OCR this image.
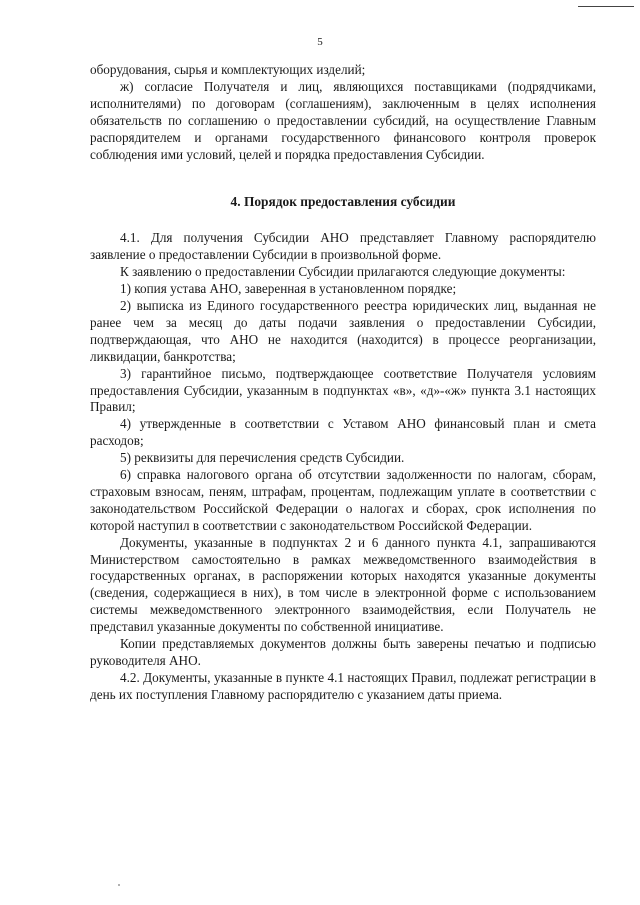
5

оборудования, сырья и комплектующих изделий;

ж) согласие Получателя и лиц, являющихся поставщиками (подрядчиками, исполнителями) по договорам (соглашениям), заключенным в целях исполнения обязательств по соглашению о предоставлении субсидий, на осуществление Главным распорядителем и органами государственного финансового контроля проверок соблюдения ими условий, целей и порядка предоставления Субсидии.

4. Порядок предоставления субсидии

4.1. Для получения Субсидии АНО представляет Главному распорядителю заявление о предоставлении Субсидии в произвольной форме.

К заявлению о предоставлении Субсидии прилагаются следующие документы:

1) копия устава АНО, заверенная в установленном порядке;

2) выписка из Единого государственного реестра юридических лиц, выданная не ранее чем за месяц до даты подачи заявления о предоставлении Субсидии, подтверждающая, что АНО не находится (находится) в процессе реорганизации, ликвидации, банкротства;

3) гарантийное письмо, подтверждающее соответствие Получателя условиям предоставления Субсидии, указанным в подпунктах «в», «д»-«ж» пункта 3.1 настоящих Правил;

4) утвержденные в соответствии с Уставом АНО финансовый план и смета расходов;

5) реквизиты для перечисления средств Субсидии.

6) справка налогового органа об отсутствии задолженности по налогам, сборам, страховым взносам, пеням, штрафам, процентам, подлежащим уплате в соответствии с законодательством Российской Федерации о налогах и сборах, срок исполнения по которой наступил в соответствии с законодательством Российской Федерации.

Документы, указанные в подпунктах 2 и 6 данного пункта 4.1, запрашиваются Министерством самостоятельно в рамках межведомственного взаимодействия в государственных органах, в распоряжении которых находятся указанные документы (сведения, содержащиеся в них), в том числе в электронной форме с использованием системы межведомственного электронного взаимодействия, если Получатель не представил указанные документы по собственной инициативе.

Копии представляемых документов должны быть заверены печатью и подписью руководителя АНО.

4.2. Документы, указанные в пункте 4.1 настоящих Правил, подлежат регистрации в день их поступления Главному распорядителю с указанием даты приема.
